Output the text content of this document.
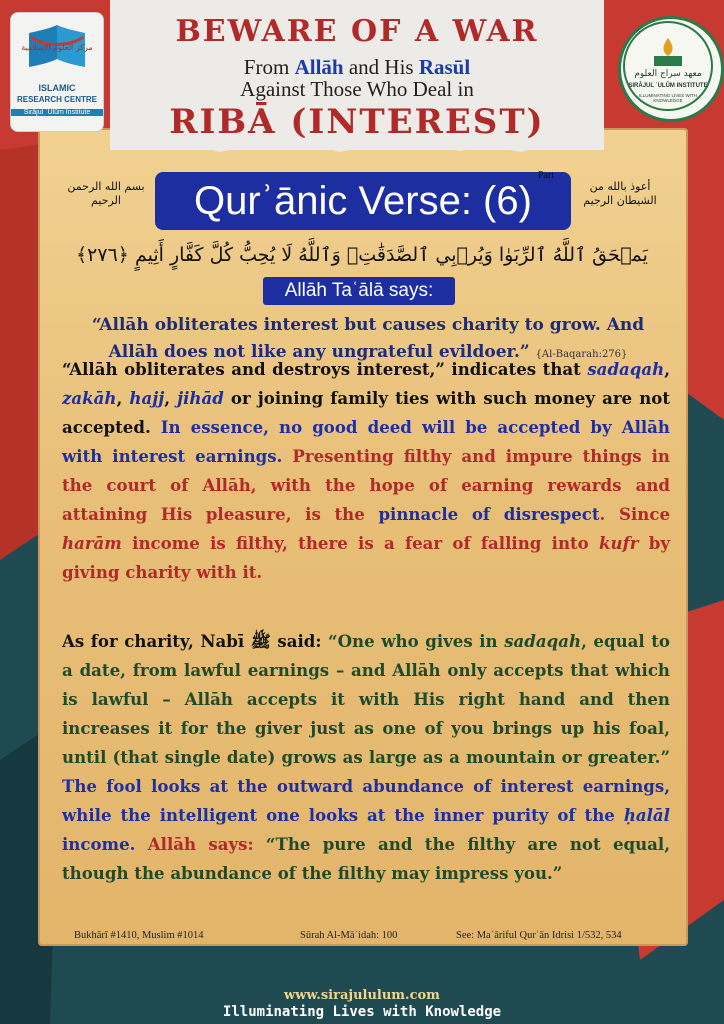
BEWARE OF A WAR
From Allāh and His Rasūl
Against Those Who Deal in
RIBĀ (INTEREST)
مركز العلوم الإسلامية
ISLAMIC
RESEARCH CENTRE
Sirājul ʿUlūm Institute
معهد سراج العلوم
SIRĀJUL ʿULŪM INSTITUTE
ILLUMINATING LIVES WITH KNOWLEDGE
بسم الله الرحمن الرحيم
أعوذ بالله من الشيطان الرجيم
Qurʾānic Verse: (6)
Part
يَمۡحَقُ ٱللَّهُ ٱلرِّبَوٰا وَيُرۡبِي ٱلصَّدَقَٰتِۗ وَٱللَّهُ لَا يُحِبُّ كُلَّ كَفَّارٍ أَثِيمٍ ﴿٢٧٦﴾
Allāh Taʿālā says:
“Allāh obliterates interest but causes charity to grow. And Allāh does not like any ungrateful evildoer.” {Al-Baqarah:276}
“Allāh obliterates and destroys interest,” indicates that sadaqah, zakāh, hajj, jihād or joining family ties with such money are not accepted. In essence, no good deed will be accepted by Allāh with interest earnings. Presenting filthy and impure things in the court of Allāh, with the hope of earning rewards and attaining His pleasure, is the pinnacle of disrespect. Since harām income is filthy, there is a fear of falling into kufr by giving charity with it.
As for charity, Nabī ﷺ said: “One who gives in sadaqah, equal to a date, from lawful earnings – and Allāh only accepts that which is lawful – Allāh accepts it with His right hand and then increases it for the giver just as one of you brings up his foal, until (that single date) grows as large as a mountain or greater.” The fool looks at the outward abundance of interest earnings, while the intelligent one looks at the inner purity of the ḥalāl income. Allāh says: “The pure and the filthy are not equal, though the abundance of the filthy may impress you.”
Bukhārī #1410, Muslim #1014	Sūrah Al-Māʾidah: 100	See: Maʿāriful Qurʾān Idrisi 1/532, 534
www.sirajululum.com
Illuminating Lives with Knowledge
